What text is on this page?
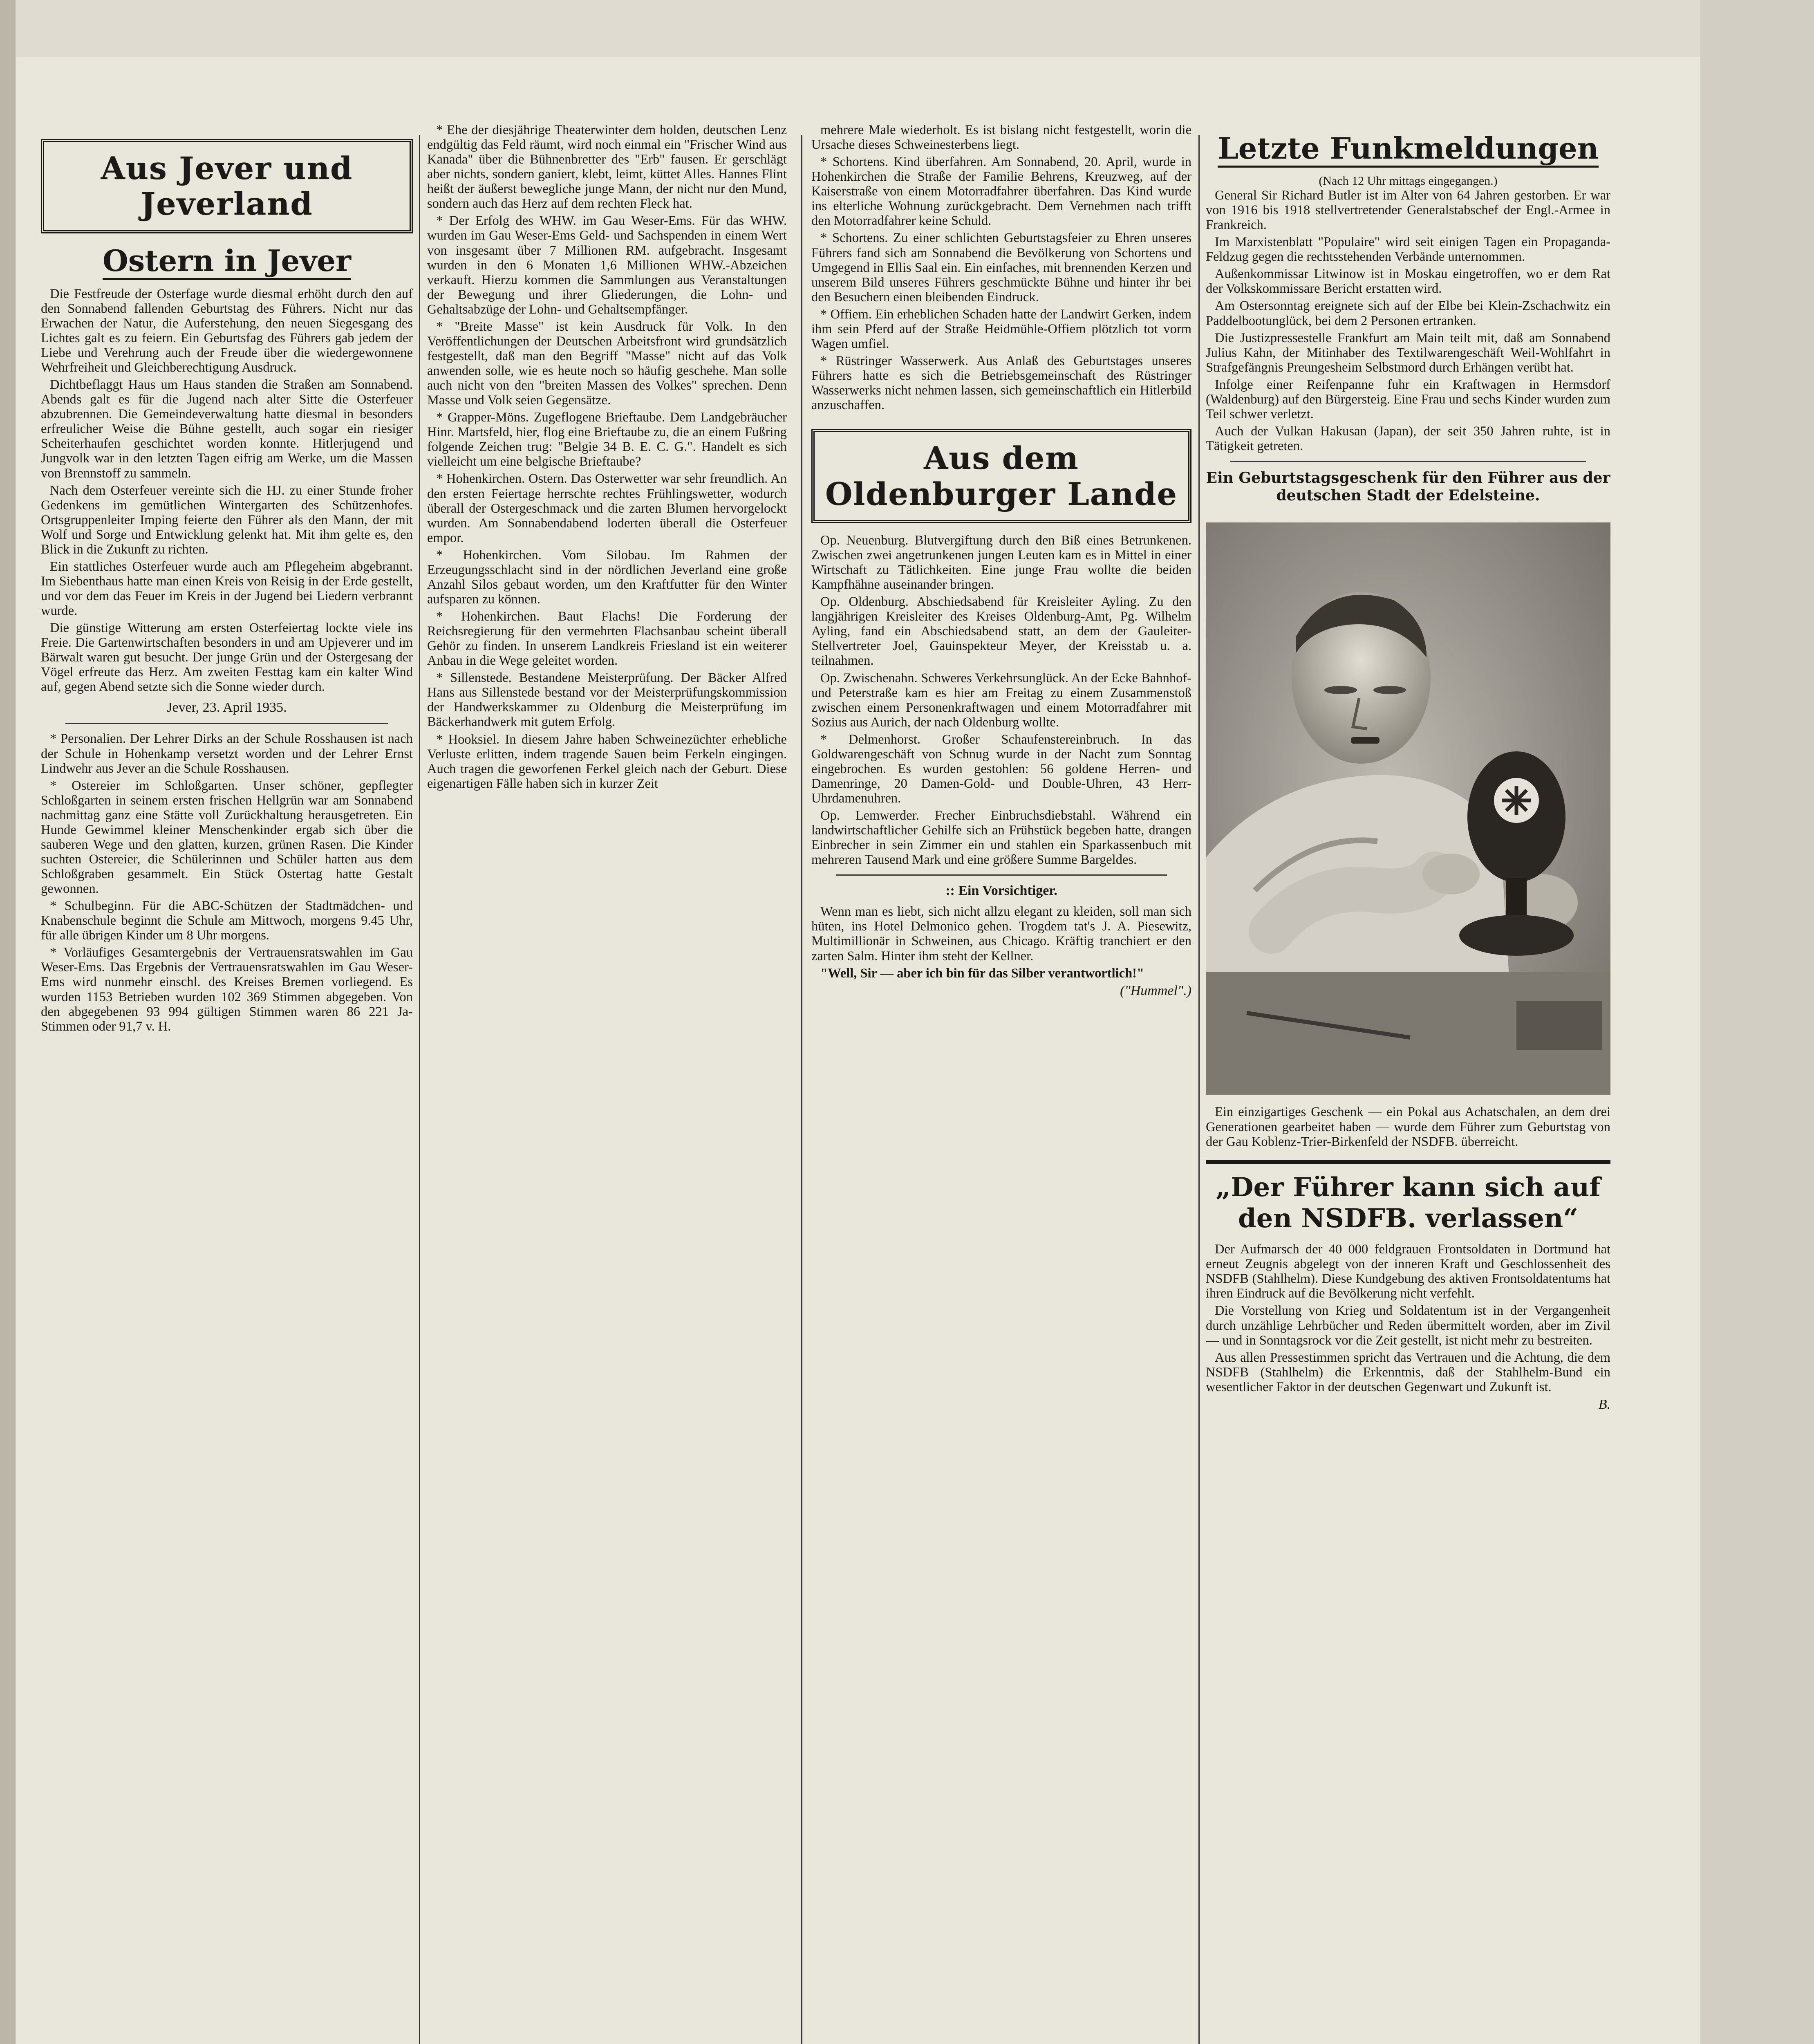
Aus Jever und Jeverland
Ostern in Jever

Die Festfreude der Osterfage wurde diesmal erhöht durch den auf den Sonnabend fallenden Geburtstag des Führers. Nicht nur das Erwachen der Natur, die Auferstehung, den neuen Siegesgang des Lichtes galt es zu feiern. Ein Geburtsfag des Führers gab jedem der Liebe und Verehrung auch der Freude über die wiedergewonnene Wehrfreiheit und Gleichberechtigung Ausdruck.

Dichtbeflaggt Haus um Haus standen die Straßen am Sonnabend. Abends galt es für die Jugend nach alter Sitte die Osterfeuer abzubrennen. Die Gemeindeverwaltung hatte diesmal in besonders erfreulicher Weise die Bühne gestellt, auch sogar ein riesiger Scheiterhaufen geschichtet worden konnte. Hitlerjugend und Jungvolk war in den letzten Tagen eifrig am Werke, um die Massen von Brennstoff zu sammeln.

Nach dem Osterfeuer vereinte sich die HJ. zu einer Stunde froher Gedenkens im gemütlichen Wintergarten des Schützenhofes. Ortsgruppenleiter Imping feierte den Führer als den Mann, der mit Wolf und Sorge und Entwicklung gelenkt hat. Mit ihm gelte es, den Blick in die Zukunft zu richten.

Ein stattliches Osterfeuer wurde auch am Pflegeheim abgebrannt. Im Siebenthaus hatte man einen Kreis von Reisig in der Erde gestellt, und vor dem das Feuer im Kreis in der Jugend bei Liedern verbrannt wurde.

Die günstige Witterung am ersten Osterfeiertag lockte viele ins Freie. Die Gartenwirtschaften besonders in und am Upjeverer und im Bärwalt waren gut besucht. Der junge Grün und der Ostergesang der Vögel erfreute das Herz. Am zweiten Festtag kam ein kalter Wind auf, gegen Abend setzte sich die Sonne wieder durch.

Jever, 23. April 1935.

* Personalien. Der Lehrer Dirks an der Schule Rosshausen ist nach der Schule in Hohenkamp versetzt worden und der Lehrer Ernst Lindwehr aus Jever an die Schule Rosshausen.

* Ostereier im Schloßgarten. Unser schöner, gepflegter Schloßgarten in seinem ersten frischen Hellgrün war am Sonnabend nachmittag ganz eine Stätte voll Zurückhaltung herausgetreten. Ein Hunde Gewimmel kleiner Menschenkinder ergab sich über die sauberen Wege und den glatten, kurzen, grünen Rasen. Die Kinder suchten Ostereier, die Schülerinnen und Schüler hatten aus dem Schloßgraben gesammelt. Ein Stück Ostertag hatte Gestalt gewonnen.

* Schulbeginn. Für die ABC-Schützen der Stadtmädchen- und Knabenschule beginnt die Schule am Mittwoch, morgens 9.45 Uhr, für alle übrigen Kinder um 8 Uhr morgens.

* Vorläufiges Gesamtergebnis der Vertrauensratswahlen im Gau Weser-Ems. Das Ergebnis der Vertrauensratswahlen im Gau Weser-Ems wird nunmehr einschl. des Kreises Bremen vorliegend. Es wurden 1153 Betrieben wurden 102 369 Stimmen abgegeben. Von den abgegebenen 93 994 gültigen Stimmen waren 86 221 Ja-Stimmen oder 91,7 v. H.

* Ehe der diesjährige Theaterwinter dem holden, deutschen Lenz endgültig das Feld räumt, wird noch einmal ein "Frischer Wind aus Kanada" über die Bühnenbretter des "Erb" fausen. Er gerschlägt aber nichts, sondern ganiert, klebt, leimt, küttet Alles. Hannes Flint heißt der äußerst bewegliche junge Mann, der nicht nur den Mund, sondern auch das Herz auf dem rechten Fleck hat.

* Der Erfolg des WHW. im Gau Weser-Ems. Für das WHW. wurden im Gau Weser-Ems Geld- und Sachspenden in einem Wert von insgesamt über 7 Millionen RM. aufgebracht. Insgesamt wurden in den 6 Monaten 1,6 Millionen WHW.-Abzeichen verkauft. Hierzu kommen die Sammlungen aus Veranstaltungen der Bewegung und ihrer Gliederungen, die Lohn- und Gehaltsabzüge der Lohn- und Gehaltsempfänger.

* "Breite Masse" ist kein Ausdruck für Volk. In den Veröffentlichungen der Deutschen Arbeitsfront wird grundsätzlich festgestellt, daß man den Begriff "Masse" nicht auf das Volk anwenden solle, wie es heute noch so häufig geschehe. Man solle auch nicht von den "breiten Massen des Volkes" sprechen. Denn Masse und Volk seien Gegensätze.

* Grapper-Möns. Zugeflogene Brieftaube. Dem Landgebräucher Hinr. Martsfeld, hier, flog eine Brieftaube zu, die an einem Fußring folgende Zeichen trug: "Belgie 34 B. E. C. G.". Handelt es sich vielleicht um eine belgische Brieftaube?

* Hohenkirchen. Ostern. Das Osterwetter war sehr freundlich. An den ersten Feiertage herrschte rechtes Frühlingswetter, wodurch überall der Ostergeschmack und die zarten Blumen hervorgelockt wurden. Am Sonnabendabend loderten überall die Osterfeuer empor.

* Hohenkirchen. Vom Silobau. Im Rahmen der Erzeugungsschlacht sind in der nördlichen Jeverland eine große Anzahl Silos gebaut worden, um den Kraftfutter für den Winter aufsparen zu können.

* Hohenkirchen. Baut Flachs! Die Forderung der Reichsregierung für den vermehrten Flachsanbau scheint überall Gehör zu finden. In unserem Landkreis Friesland ist ein weiterer Anbau in die Wege geleitet worden.

* Sillenstede. Bestandene Meisterprüfung. Der Bäcker Alfred Hans aus Sillenstede bestand vor der Meisterprüfungskommission der Handwerkskammer zu Oldenburg die Meisterprüfung im Bäckerhandwerk mit gutem Erfolg.

* Hooksiel. In diesem Jahre haben Schweinezüchter erhebliche Verluste erlitten, indem tragende Sauen beim Ferkeln eingingen. Auch tragen die geworfenen Ferkel gleich nach der Geburt. Diese eigenartigen Fälle haben sich in kurzer Zeit

mehrere Male wiederholt. Es ist bislang nicht festgestellt, worin die Ursache dieses Schweinesterbens liegt.

* Schortens. Kind überfahren. Am Sonnabend, 20. April, wurde in Hohenkirchen die Straße der Familie Behrens, Kreuzweg, auf der Kaiserstraße von einem Motorradfahrer überfahren. Das Kind wurde ins elterliche Wohnung zurückgebracht. Dem Vernehmen nach trifft den Motorradfahrer keine Schuld.

* Schortens. Zu einer schlichten Geburtstagsfeier zu Ehren unseres Führers fand sich am Sonnabend die Bevölkerung von Schortens und Umgegend in Ellis Saal ein. Ein einfaches, mit brennenden Kerzen und unserem Bild unseres Führers geschmückte Bühne und hinter ihr bei den Besuchern einen bleibenden Eindruck.

* Offiem. Ein erheblichen Schaden hatte der Landwirt Gerken, indem ihm sein Pferd auf der Straße Heidmühle-Offiem plötzlich tot vorm Wagen umfiel.

* Rüstringer Wasserwerk. Aus Anlaß des Geburtstages unseres Führers hatte es sich die Betriebsgemeinschaft des Rüstringer Wasserwerks nicht nehmen lassen, sich gemeinschaftlich ein Hitlerbild anzuschaffen.

Aus dem Oldenburger Lande

Op. Neuenburg. Blutvergiftung durch den Biß eines Betrunkenen. Zwischen zwei angetrunkenen jungen Leuten kam es in Mittel in einer Wirtschaft zu Tätlichkeiten. Eine junge Frau wollte die beiden Kampfhähne auseinander bringen.

Op. Oldenburg. Abschiedsabend für Kreisleiter Ayling. Zu den langjährigen Kreisleiter des Kreises Oldenburg-Amt, Pg. Wilhelm Ayling, fand ein Abschiedsabend statt, an dem der Gauleiter-Stellvertreter Joel, Gauinspekteur Meyer, der Kreisstab u. a. teilnahmen.

Op. Zwischenahn. Schweres Verkehrsunglück. An der Ecke Bahnhof- und Peterstraße kam es hier am Freitag zu einem Zusammenstoß zwischen einem Personenkraftwagen und einem Motorradfahrer mit Sozius aus Aurich, der nach Oldenburg wollte.

* Delmenhorst. Großer Schaufenstereinbruch. In das Goldwarengeschäft von Schnug wurde in der Nacht zum Sonntag eingebrochen. Es wurden gestohlen: 56 goldene Herren- und Damenringe, 20 Damen-Gold- und Double-Uhren, 43 Herr-Uhrdamenuhren.

Op. Lemwerder. Frecher Einbruchsdiebstahl. Während ein landwirtschaftlicher Gehilfe sich an Frühstück begeben hatte, drangen Einbrecher in sein Zimmer ein und stahlen ein Sparkassenbuch mit mehreren Tausend Mark und eine größere Summe Bargeldes.

:: Ein Vorsichtiger.

Wenn man es liebt, sich nicht allzu elegant zu kleiden, soll man sich hüten, ins Hotel Delmonico gehen. Trogdem tat's J. A. Piesewitz, Multimillionär in Schweinen, aus Chicago. Kräftig tranchiert er den zarten Salm. Hinter ihm steht der Kellner.

"Well, Sir — aber ich bin für das Silber verantwortlich!"

("Hummel".)
Letzte Funkmeldungen
(Nach 12 Uhr mittags eingegangen.)

General Sir Richard Butler ist im Alter von 64 Jahren gestorben. Er war von 1916 bis 1918 stellvertretender Generalstabschef der Engl.-Armee in Frankreich.

Im Marxistenblatt "Populaire" wird seit einigen Tagen ein Propaganda-Feldzug gegen die rechtsstehenden Verbände unternommen.

Außenkommissar Litwinow ist in Moskau eingetroffen, wo er dem Rat der Volkskommissare Bericht erstatten wird.

Am Ostersonntag ereignete sich auf der Elbe bei Klein-Zschachwitz ein Paddelbootunglück, bei dem 2 Personen ertranken.

Die Justizpressestelle Frankfurt am Main teilt mit, daß am Sonnabend Julius Kahn, der Mitinhaber des Textilwarengeschäft Weil-Wohlfahrt in Strafgefängnis Preungesheim Selbstmord durch Erhängen verübt hat.

Infolge einer Reifenpanne fuhr ein Kraftwagen in Hermsdorf (Waldenburg) auf den Bürgersteig. Eine Frau und sechs Kinder wurden zum Teil schwer verletzt.

Auch der Vulkan Hakusan (Japan), der seit 350 Jahren ruhte, ist in Tätigkeit getreten.

Ein Geburtstagsgeschenk für den Führer aus der deutschen Stadt der Edelsteine.

Ein einzigartiges Geschenk — ein Pokal aus Achatschalen, an dem drei Generationen gearbeitet haben — wurde dem Führer zum Geburtstag von der Gau Koblenz-Trier-Birkenfeld der NSDFB. überreicht.

„Der Führer kann sich auf den NSDFB. verlassen“

Der Aufmarsch der 40 000 feldgrauen Frontsoldaten in Dortmund hat erneut Zeugnis abgelegt von der inneren Kraft und Geschlossenheit des NSDFB (Stahlhelm). Diese Kundgebung des aktiven Frontsoldatentums hat ihren Eindruck auf die Bevölkerung nicht verfehlt.

Die Vorstellung von Krieg und Soldatentum ist in der Vergangenheit durch unzählige Lehrbücher und Reden übermittelt worden, aber im Zivil — und in Sonntagsrock vor die Zeit gestellt, ist nicht mehr zu bestreiten.

Aus allen Pressestimmen spricht das Vertrauen und die Achtung, die dem NSDFB (Stahlhelm) die Erkenntnis, daß der Stahlhelm-Bund ein wesentlicher Faktor in der deutschen Gegenwart und Zukunft ist.

B.
